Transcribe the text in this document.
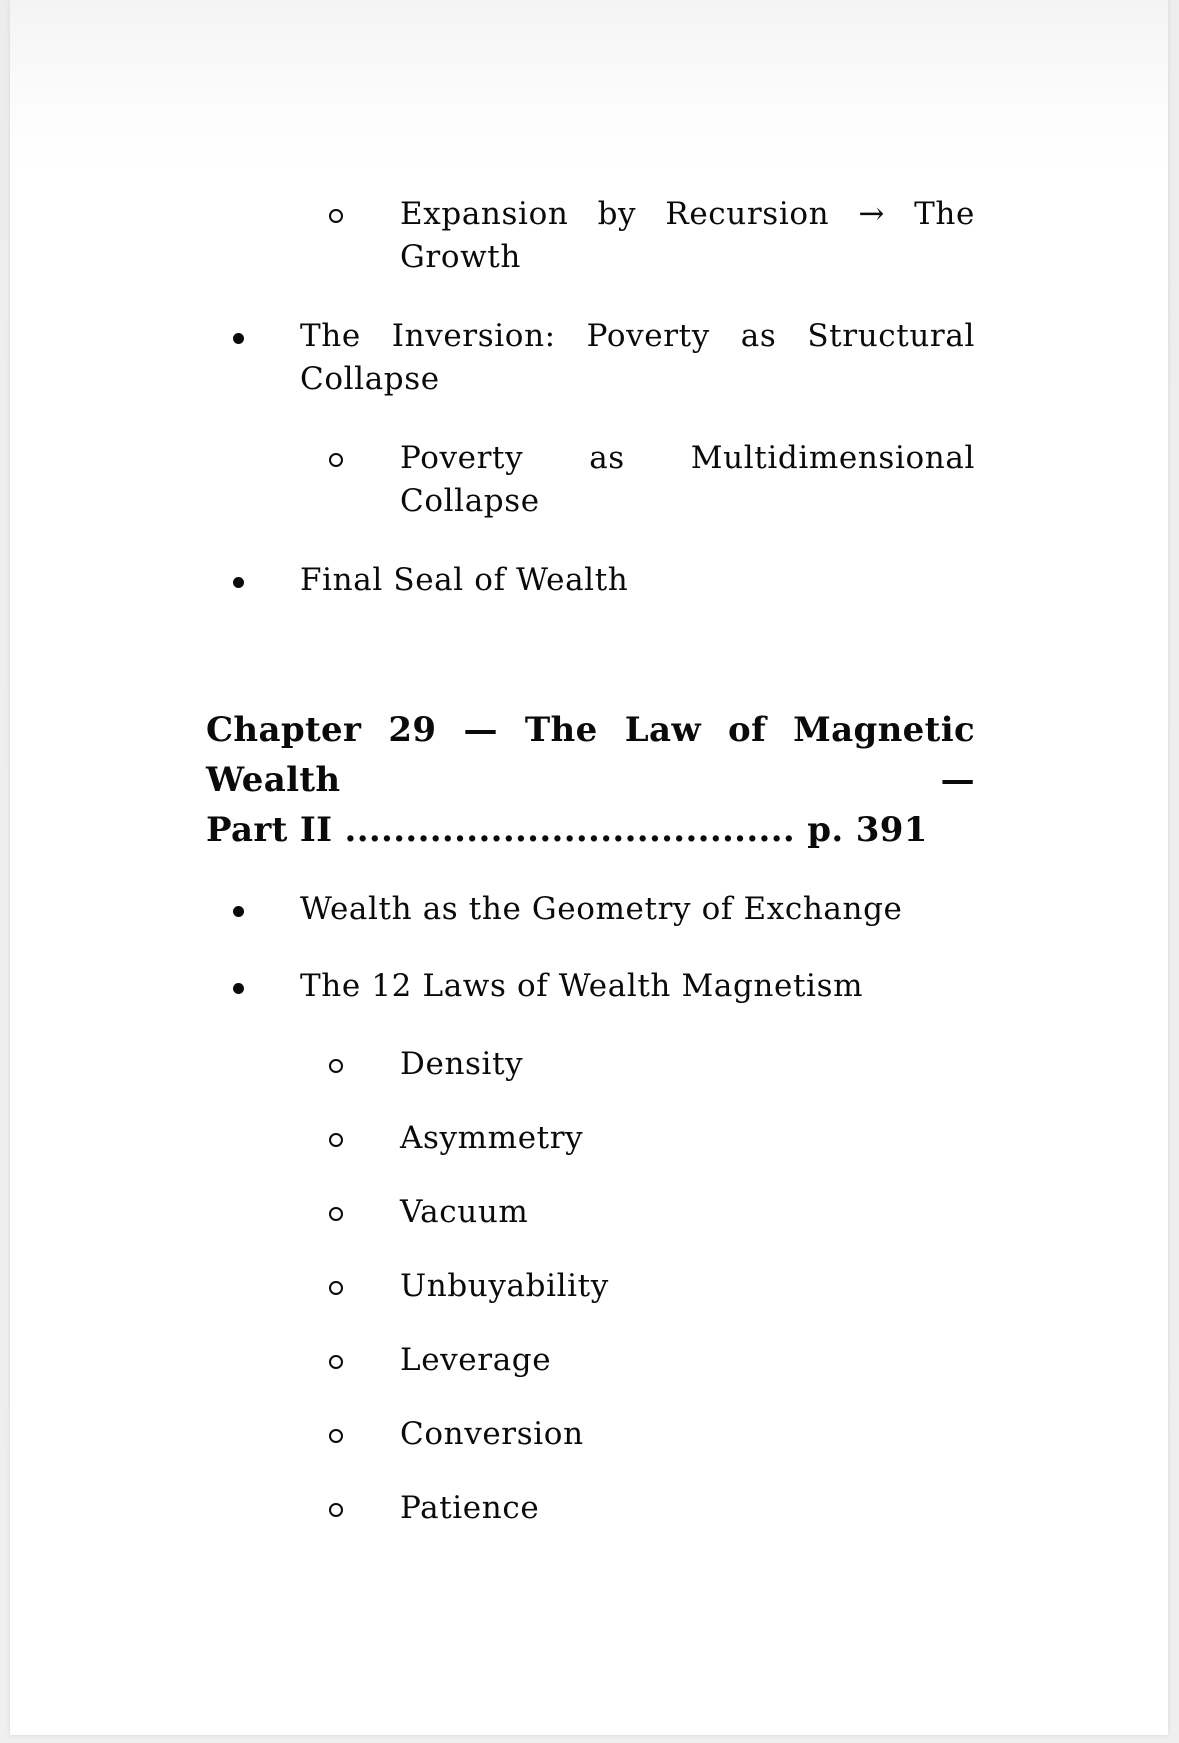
Expansion by Recursion → The
Growth
The Inversion: Poverty as Structural
Collapse
Poverty as Multidimensional
Collapse
Final Seal of Wealth
Chapter 29 — The Law of Magnetic Wealth —
Part II ..................................... p. 391
Wealth as the Geometry of Exchange
The 12 Laws of Wealth Magnetism
Density
Asymmetry
Vacuum
Unbuyability
Leverage
Conversion
Patience
